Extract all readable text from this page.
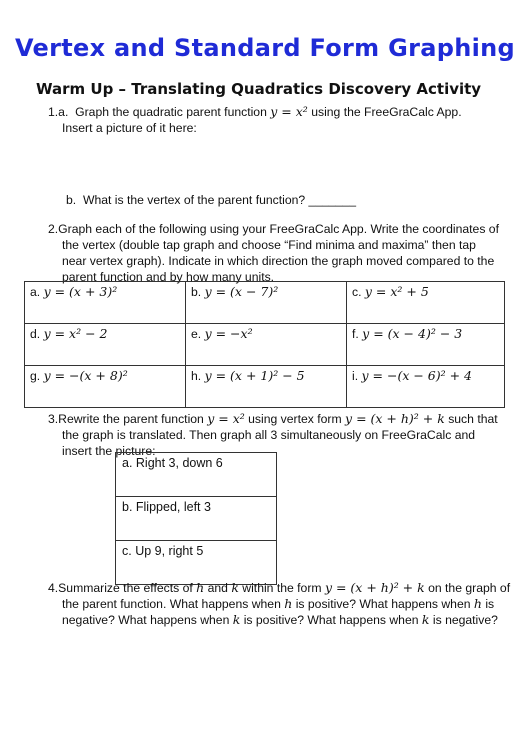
Vertex and Standard Form Graphing
Warm Up – Translating Quadratics Discovery Activity
1.a. Graph the quadratic parent function y = x² using the FreeGraCalc App. Insert a picture of it here:
b. What is the vertex of the parent function? _______
2.Graph each of the following using your FreeGraCalc App. Write the coordinates of the vertex (double tap graph and choose “Find minima and maxima” then tap near vertex graph). Indicate in which direction the graph moved compared to the parent function and by how many units.
a. y = (x + 3)²	b. y = (x − 7)²	c. y = x² + 5
d. y = x² − 2	e. y = −x²	f. y = (x − 4)² − 3
g. y = −(x + 8)²	h. y = (x + 1)² − 5	i. y = −(x − 6)² + 4
3.Rewrite the parent function y = x² using vertex form y = (x + h)² + k such that the graph is translated. Then graph all 3 simultaneously on FreeGraCalc and insert the picture:
a. Right 3, down 6
b. Flipped, left 3
c. Up 9, right 5
4.Summarize the effects of h and k within the form y = (x + h)² + k on the graph of the parent function. What happens when h is positive? What happens when h is negative? What happens when k is positive? What happens when k is negative?
